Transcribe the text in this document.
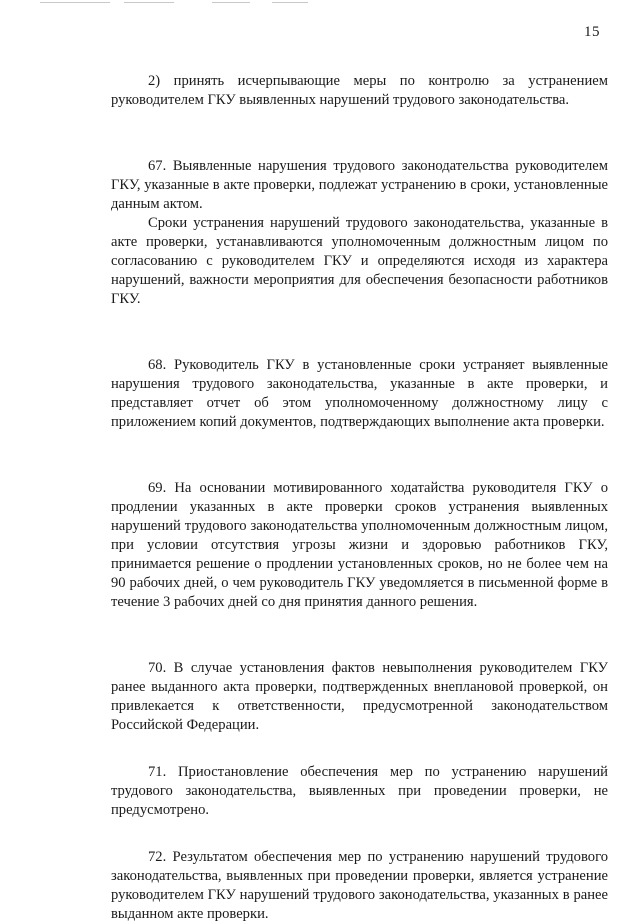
15

2) принять исчерпывающие меры по контролю за устранением руководителем ГКУ выявленных нарушений трудового законодательства.

67. Выявленные нарушения трудового законодательства руководителем ГКУ, указанные в акте проверки, подлежат устранению в сроки, установленные данным актом.

Сроки устранения нарушений трудового законодательства, указанные в акте проверки, устанавливаются уполномоченным должностным лицом по согласованию с руководителем ГКУ и определяются исходя из характера нарушений, важности мероприятия для обеспечения безопасности работников ГКУ.

68. Руководитель ГКУ в установленные сроки устраняет выявленные нарушения трудового законодательства, указанные в акте проверки, и представляет отчет об этом уполномоченному должностному лицу с приложением копий документов, подтверждающих выполнение акта проверки.

69. На основании мотивированного ходатайства руководителя ГКУ о продлении указанных в акте проверки сроков устранения выявленных нарушений трудового законодательства уполномоченным должностным лицом, при условии отсутствия угрозы жизни и здоровью работников ГКУ, принимается решение о продлении установленных сроков, но не более чем на 90 рабочих дней, о чем руководитель ГКУ уведомляется в письменной форме в течение 3 рабочих дней со дня принятия данного решения.

70. В случае установления фактов невыполнения руководителем ГКУ ранее выданного акта проверки, подтвержденных внеплановой проверкой, он привлекается к ответственности, предусмотренной законодательством Российской Федерации.

71. Приостановление обеспечения мер по устранению нарушений трудового законодательства, выявленных при проведении проверки, не предусмотрено.

72. Результатом обеспечения мер по устранению нарушений трудового законодательства, выявленных при проведении проверки, является устранение руководителем ГКУ нарушений трудового законодательства, указанных в ранее выданном акте проверки.
